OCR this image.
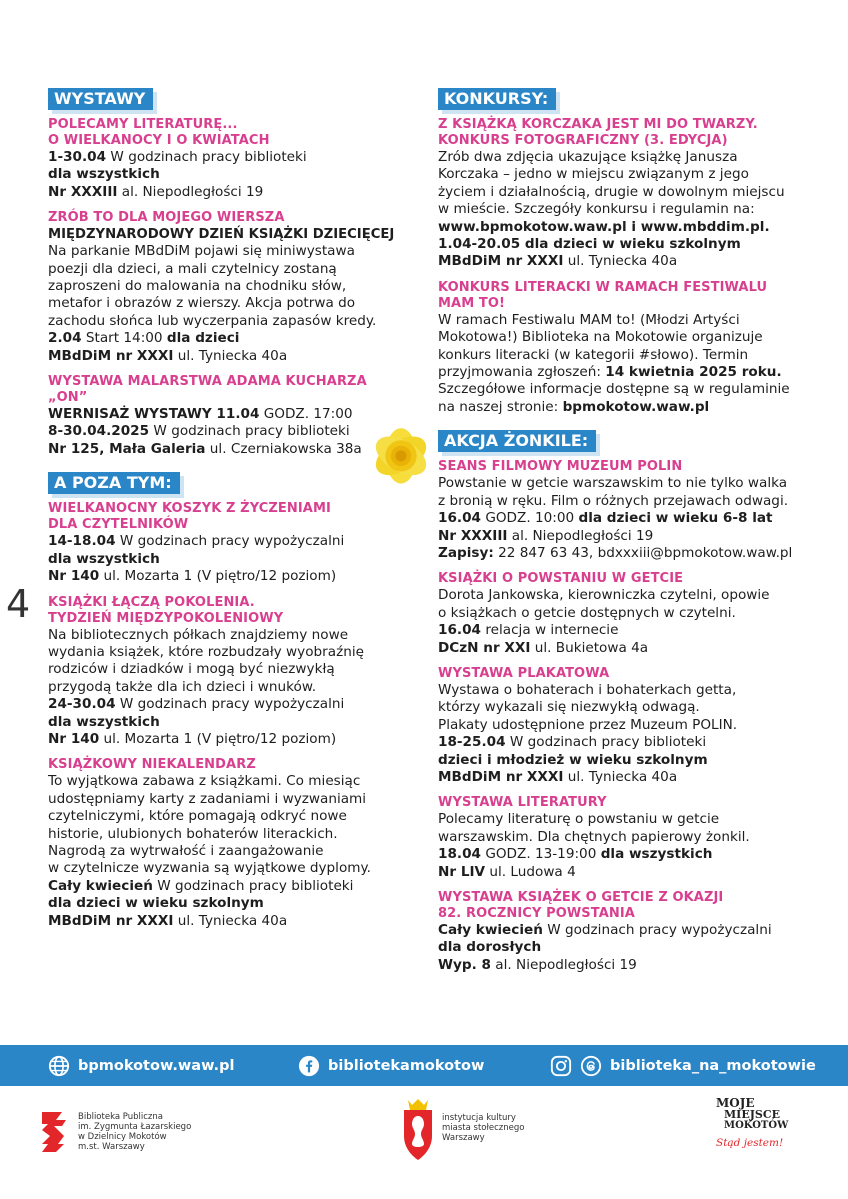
WYSTAWY
POLECAMY LITERATURĘ...
O WIELKANOCY I O KWIATACH
1-30.04 W godzinach pracy biblioteki
dla wszystkich
Nr XXXIII al. Niepodległości 19
ZRÓB TO DLA MOJEGO WIERSZA
MIĘDZYNARODOWY DZIEŃ KSIĄŻKI DZIECIĘCEJ
Na parkanie MBdDiM pojawi się miniwystawa
poezji dla dzieci, a mali czytelnicy zostaną
zaproszeni do malowania na chodniku słów,
metafor i obrazów z wierszy. Akcja potrwa do
zachodu słońca lub wyczerpania zapasów kredy.
2.04 Start 14:00 dla dzieci
MBdDiM nr XXXI ul. Tyniecka 40a
WYSTAWA MALARSTWA ADAMA KUCHARZA
„ON”
WERNISAŻ WYSTAWY 11.04 GODZ. 17:00
8-30.04.2025 W godzinach pracy biblioteki
Nr 125, Mała Galeria ul. Czerniakowska 38a
A POZA TYM:
WIELKANOCNY KOSZYK Z ŻYCZENIAMI
DLA CZYTELNIKÓW
14-18.04 W godzinach pracy wypożyczalni
dla wszystkich
Nr 140 ul. Mozarta 1 (V piętro/12 poziom)
KSIĄŻKI ŁĄCZĄ POKOLENIA.
TYDZIEŃ MIĘDZYPOKOLENIOWY
Na bibliotecznych półkach znajdziemy nowe
wydania książek, które rozbudzały wyobraźnię
rodziców i dziadków i mogą być niezwykłą
przygodą także dla ich dzieci i wnuków.
24-30.04 W godzinach pracy wypożyczalni
dla wszystkich
Nr 140 ul. Mozarta 1 (V piętro/12 poziom)
KSIĄŻKOWY NIEKALENDARZ
To wyjątkowa zabawa z książkami. Co miesiąc
udostępniamy karty z zadaniami i wyzwaniami
czytelniczymi, które pomagają odkryć nowe
historie, ulubionych bohaterów literackich.
Nagrodą za wytrwałość i zaangażowanie
w czytelnicze wyzwania są wyjątkowe dyplomy.
Cały kwiecień W godzinach pracy biblioteki
dla dzieci w wieku szkolnym
MBdDiM nr XXXI ul. Tyniecka 40a
KONKURSY:
Z KSIĄŻKĄ KORCZAKA JEST MI DO TWARZY.
KONKURS FOTOGRAFICZNY (3. EDYCJA)
Zrób dwa zdjęcia ukazujące książkę Janusza
Korczaka – jedno w miejscu związanym z jego
życiem i działalnością, drugie w dowolnym miejscu
w mieście. Szczegóły konkursu i regulamin na:
www.bpmokotow.waw.pl i www.mbddim.pl.
1.04-20.05 dla dzieci w wieku szkolnym
MBdDiM nr XXXI ul. Tyniecka 40a
KONKURS LITERACKI W RAMACH FESTIWALU
MAM TO!
W ramach Festiwalu MAM to! (Młodzi Artyści
Mokotowa!) Biblioteka na Mokotowie organizuje
konkurs literacki (w kategorii #słowo). Termin
przyjmowania zgłoszeń: 14 kwietnia 2025 roku.
Szczegółowe informacje dostępne są w regulaminie
na naszej stronie: bpmokotow.waw.pl
AKCJA ŻONKILE:
SEANS FILMOWY MUZEUM POLIN
Powstanie w getcie warszawskim to nie tylko walka
z bronią w ręku. Film o różnych przejawach odwagi.
16.04 GODZ. 10:00 dla dzieci w wieku 6-8 lat
Nr XXXIII al. Niepodległości 19
Zapisy: 22 847 63 43, bdxxxiii@bpmokotow.waw.pl
KSIĄŻKI O POWSTANIU W GETCIE
Dorota Jankowska, kierowniczka czytelni, opowie
o książkach o getcie dostępnych w czytelni.
16.04 relacja w internecie
DCzN nr XXI ul. Bukietowa 4a
WYSTAWA PLAKATOWA
Wystawa o bohaterach i bohaterkach getta,
którzy wykazali się niezwykłą odwagą.
Plakaty udostępnione przez Muzeum POLIN.
18-25.04 W godzinach pracy biblioteki
dzieci i młodzież w wieku szkolnym
MBdDiM nr XXXI ul. Tyniecka 40a
WYSTAWA LITERATURY
Polecamy literaturę o powstaniu w getcie
warszawskim. Dla chętnych papierowy żonkil.
18.04 GODZ. 13-19:00 dla wszystkich
Nr LIV ul. Ludowa 4
WYSTAWA KSIĄŻEK O GETCIE Z OKAZJI
82. ROCZNICY POWSTANIA
Cały kwiecień W godzinach pracy wypożyczalni
dla dorosłych
Wyp. 8 al. Niepodległości 19
4
bpmokotow.waw.pl	bibliotekamokotow	biblioteka_na_mokotowie
Biblioteka Publiczna
im. Zygmunta Łazarskiego
w Dzielnicy Mokotów
m.st. Warszawy
instytucja kultury
miasta stołecznego
Warszawy
MOJE
MIEJSCE
MOKOTÓW
Stąd jestem!
